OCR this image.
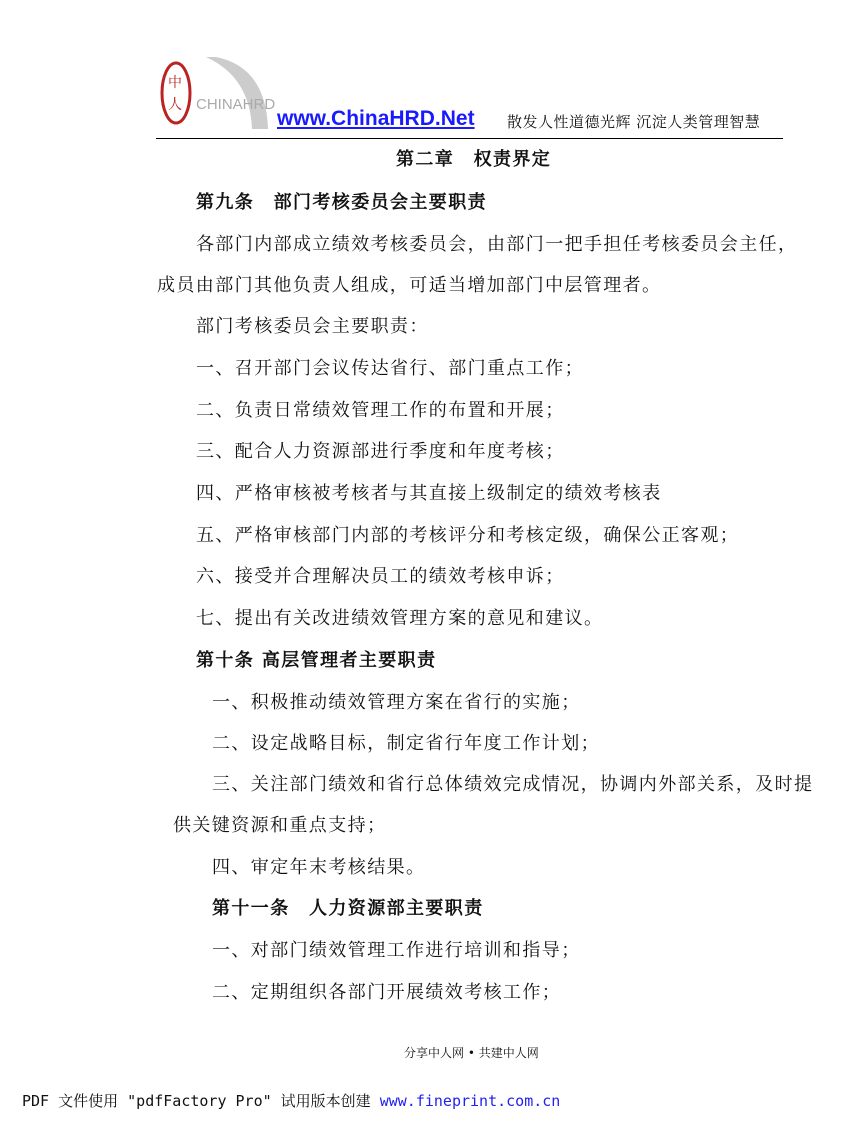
中
人 CHINAHRD
www.ChinaHRD.Net 散发人性道德光辉 沉淀人类管理智慧
第二章　权责界定
第九条　部门考核委员会主要职责
各部门内部成立绩效考核委员会，由部门一把手担任考核委员会主任，
成员由部门其他负责人组成，可适当增加部门中层管理者。
部门考核委员会主要职责：
一、召开部门会议传达省行、部门重点工作；
二、负责日常绩效管理工作的布置和开展；
三、配合人力资源部进行季度和年度考核；
四、严格审核被考核者与其直接上级制定的绩效考核表
五、严格审核部门内部的考核评分和考核定级，确保公正客观；
六、接受并合理解决员工的绩效考核申诉；
七、提出有关改进绩效管理方案的意见和建议。
第十条 高层管理者主要职责
一、积极推动绩效管理方案在省行的实施；
二、设定战略目标，制定省行年度工作计划；
三、关注部门绩效和省行总体绩效完成情况，协调内外部关系，及时提
供关键资源和重点支持；
四、审定年末考核结果。
第十一条　人力资源部主要职责
一、对部门绩效管理工作进行培训和指导；
二、定期组织各部门开展绩效考核工作；
分享中人网 • 共建中人网
PDF 文件使用 "pdfFactory Pro" 试用版本创建 www.fineprint.com.cn
